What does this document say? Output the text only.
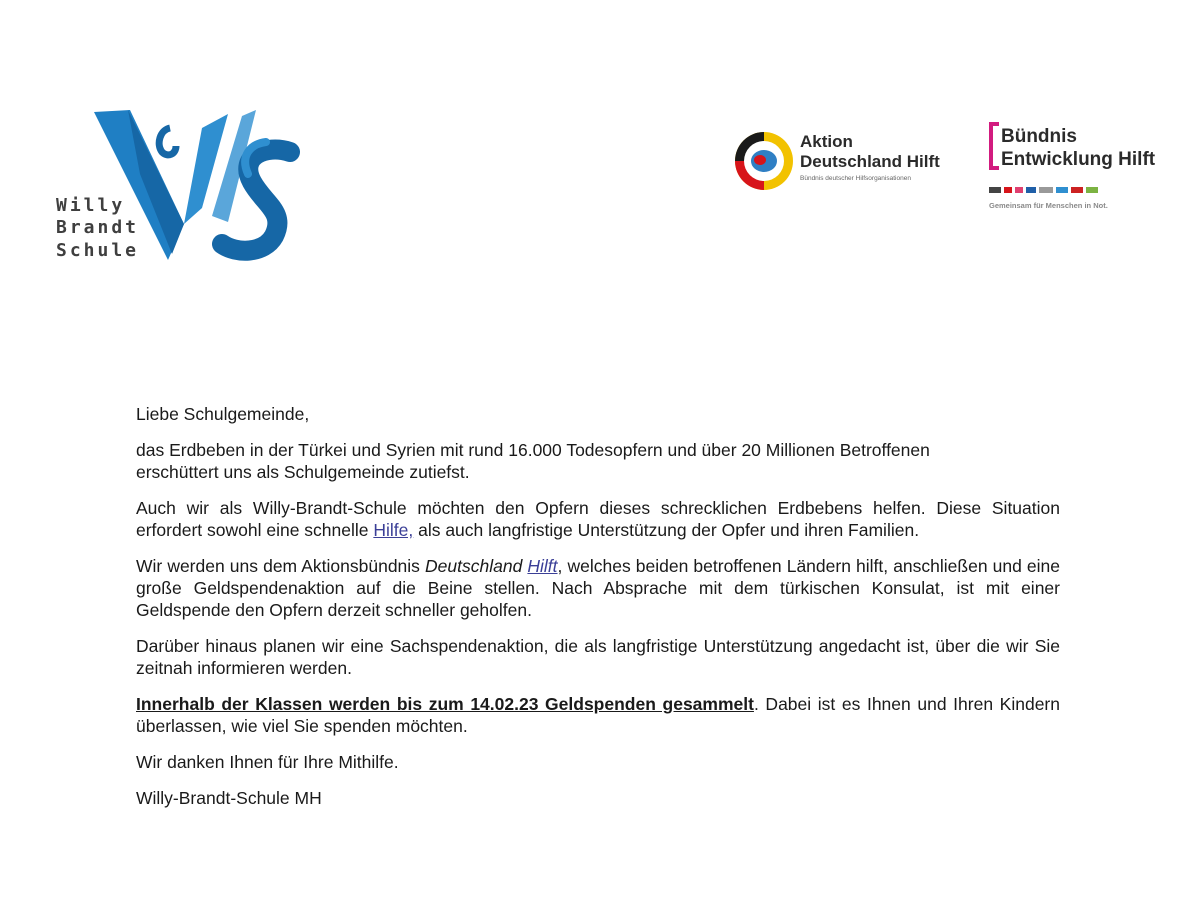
Willy
Brandt
Schule
Aktion
Deutschland Hilft
Bündnis deutscher Hilfsorganisationen
Bündnis
Entwicklung Hilft
Gemeinsam für Menschen in Not.

Liebe Schulgemeinde,

das Erdbeben in der Türkei und Syrien mit rund 16.000 Todesopfern und über 20 Millionen Betroffenen erschüttert uns als Schulgemeinde zutiefst.

Auch wir als Willy-Brandt-Schule möchten den Opfern dieses schrecklichen Erdbebens helfen. Diese Situation erfordert sowohl eine schnelle Hilfe, als auch langfristige Unterstützung der Opfer und ihren Familien.

Wir werden uns dem Aktionsbündnis Deutschland Hilft, welches beiden betroffenen Ländern hilft, anschließen und eine große Geldspendenaktion auf die Beine stellen. Nach Absprache mit dem türkischen Konsulat, ist mit einer Geldspende den Opfern derzeit schneller geholfen.

Darüber hinaus planen wir eine Sachspendenaktion, die als langfristige Unterstützung angedacht ist, über die wir Sie zeitnah informieren werden.

Innerhalb der Klassen werden bis zum 14.02.23 Geldspenden gesammelt. Dabei ist es Ihnen und Ihren Kindern überlassen, wie viel Sie spenden möchten.

Wir danken Ihnen für Ihre Mithilfe.

Willy-Brandt-Schule MH
